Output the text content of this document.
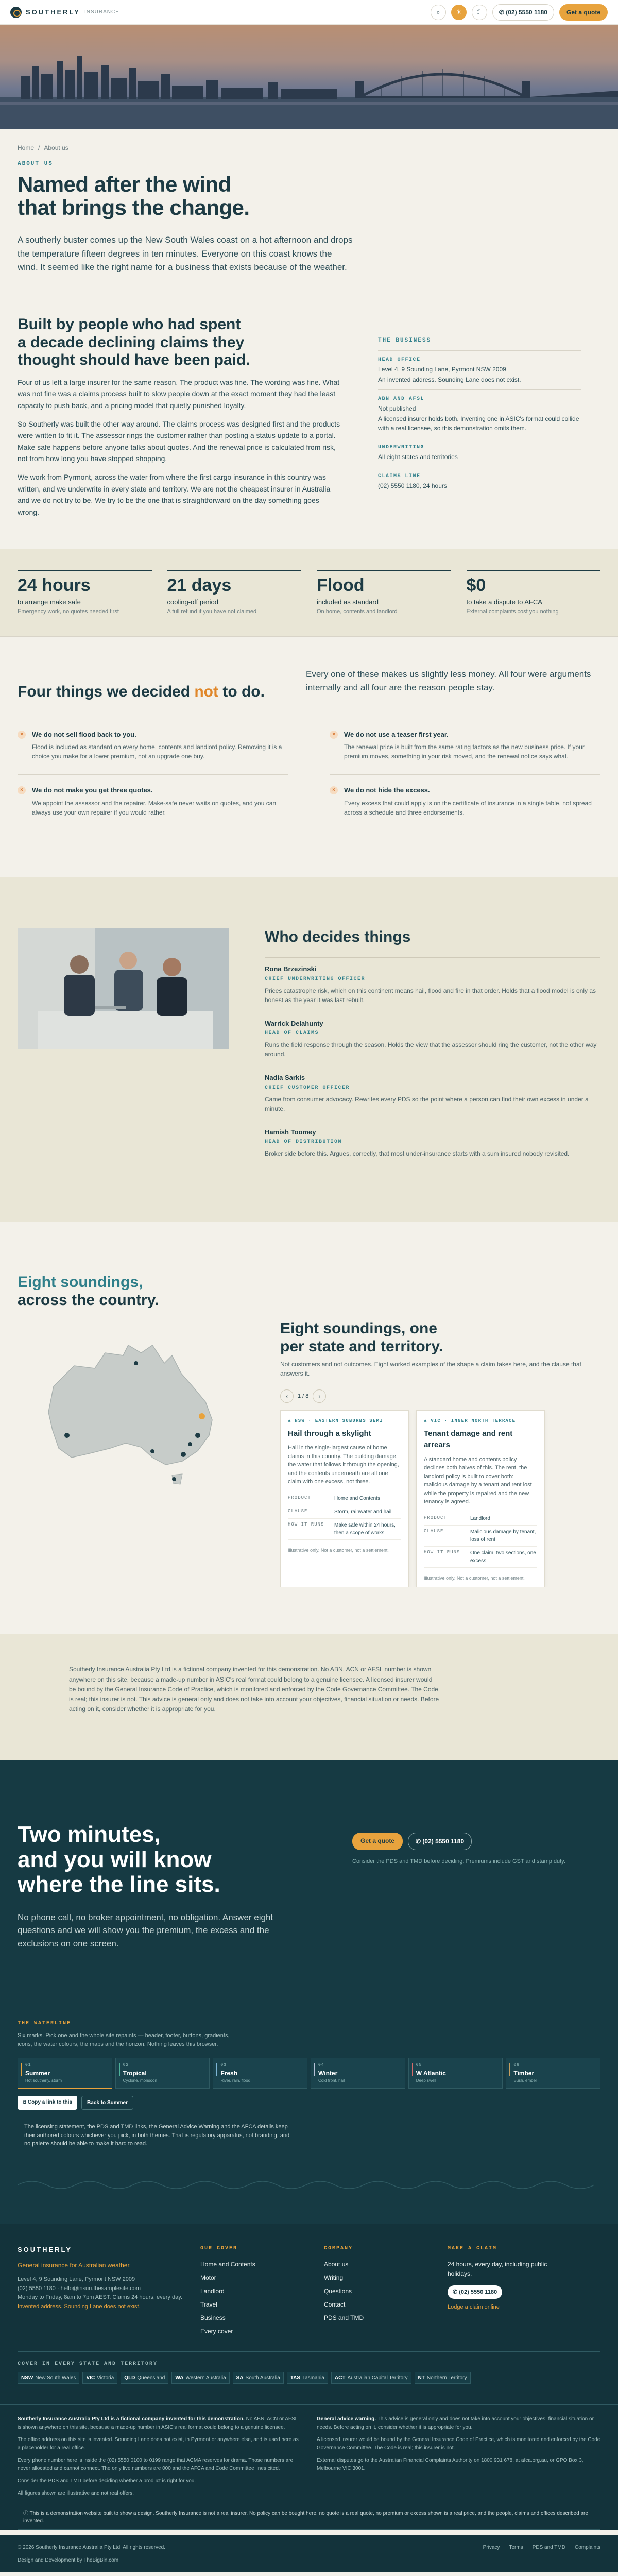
SOUTHERLY INSURANCE	⌕	☀	☾	✆ (02) 5550 1180	Get a quote
Home / About us
ABOUT US
Named after the wind
that brings the change.

A southerly buster comes up the New South Wales coast on a hot afternoon and drops the temperature fifteen degrees in ten minutes. Everyone on this coast knows the wind. It seemed like the right name for a business that exists because of the weather.

Built by people who had spent
a decade declining claims they
thought should have been paid.

Four of us left a large insurer for the same reason. The product was fine. The wording was fine. What was not fine was a claims process built to slow people down at the exact moment they had the least capacity to push back, and a pricing model that quietly punished loyalty.

So Southerly was built the other way around. The claims process was designed first and the products were written to fit it. The assessor rings the customer rather than posting a status update to a portal. Make safe happens before anyone talks about quotes. And the renewal price is calculated from risk, not from how long you have stopped shopping.

We work from Pyrmont, across the water from where the first cargo insurance in this country was written, and we underwrite in every state and territory. We are not the cheapest insurer in Australia and we do not try to be. We try to be the one that is straightforward on the day something goes wrong.

THE BUSINESS
HEAD OFFICE
Level 4, 9 Sounding Lane, Pyrmont NSW 2009
An invented address. Sounding Lane does not exist.
ABN AND AFSL
Not published
A licensed insurer holds both. Inventing one in ASIC's format could collide with a real licensee, so this demonstration omits them.
UNDERWRITING
All eight states and territories
CLAIMS LINE
(02) 5550 1180, 24 hours
24 hours
to arrange make safe
Emergency work, no quotes needed first
21 days
cooling-off period
A full refund if you have not claimed
Flood
included as standard
On home, contents and landlord
$0
to take a dispute to AFCA
External complaints cost you nothing
Four things we decided not to do.

Every one of these makes us slightly less money. All four were arguments internally and all four are the reason people stay.

×	We do not sell flood back to you.
Flood is included as standard on every home, contents and landlord policy. Removing it is a choice you make for a lower premium, not an upgrade one buy.
×	We do not use a teaser first year.
The renewal price is built from the same rating factors as the new business price. If your premium moves, something in your risk moved, and the renewal notice says what.
×	We do not make you get three quotes.
We appoint the assessor and the repairer. Make-safe never waits on quotes, and you can always use your own repairer if you would rather.
×	We do not hide the excess.
Every excess that could apply is on the certificate of insurance in a single table, not spread across a schedule and three endorsements.
Who decides things
Rona Brzezinski
CHIEF UNDERWRITING OFFICER
Prices catastrophe risk, which on this continent means hail, flood and fire in that order. Holds that a flood model is only as honest as the year it was last rebuilt.
Warrick Delahunty
HEAD OF CLAIMS
Runs the field response through the season. Holds the view that the assessor should ring the customer, not the other way around.
Nadia Sarkis
CHIEF CUSTOMER OFFICER
Came from consumer advocacy. Rewrites every PDS so the point where a person can find their own excess in under a minute.
Hamish Toomey
HEAD OF DISTRIBUTION
Broker side before this. Argues, correctly, that most under-insurance starts with a sum insured nobody revisited.
Eight soundings,
across the country.
Eight soundings, one
per state and territory.
Not customers and not outcomes. Eight worked examples of the shape a claim takes here, and the clause that answers it.
‹	1 / 8	›
▲ NSW · EASTERN SUBURBS SEMI
Hail through a skylight
Hail in the single-largest cause of home claims in this country. The building damage, the water that follows it through the opening, and the contents underneath are all one claim with one excess, not three.
PRODUCT	Home and Contents
CLAUSE	Storm, rainwater and hail
HOW IT RUNS	Make safe within 24 hours, then a scope of works
Illustrative only. Not a customer, not a settlement.
▲ VIC · INNER NORTH TERRACE
Tenant damage and rent arrears
A standard home and contents policy declines both halves of this. The rent, the landlord policy is built to cover both: malicious damage by a tenant and rent lost while the property is repaired and the new tenancy is agreed.
PRODUCT	Landlord
CLAUSE	Malicious damage by tenant, loss of rent
HOW IT RUNS	One claim, two sections, one excess
Illustrative only. Not a customer, not a settlement.

Southerly Insurance Australia Pty Ltd is a fictional company invented for this demonstration. No ABN, ACN or AFSL number is shown anywhere on this site, because a made-up number in ASIC's real format could belong to a genuine licensee. A licensed insurer would be bound by the General Insurance Code of Practice, which is monitored and enforced by the Code Governance Committee. The Code is real; this insurer is not. This advice is general only and does not take into account your objectives, financial situation or needs. Before acting on it, consider whether it is appropriate for you.

Two minutes,
and you will know
where the line sits.

No phone call, no broker appointment, no obligation. Answer eight questions and we will show you the premium, the excess and the exclusions on one screen.

Get a quote	✆ (02) 5550 1180

Consider the PDS and TMD before deciding. Premiums include GST and stamp duty.

THE WATERLINE
Six marks. Pick one and the whole site repaints — header, footer, buttons, gradients, icons, the water colours, the maps and the horizon. Nothing leaves this browser.
01
Summer
Hot southerly, storm
02
Tropical
Cyclone, monsoon
03
Fresh
River, rain, flood
04
Winter
Cold front, hail
05
W Atlantic
Deep swell
06
Timber
Bush, ember
⧉ Copy a link to this	Back to Summer
The licensing statement, the PDS and TMD links, the General Advice Warning and the AFCA details keep their authored colours whichever you pick, in both themes. That is regulatory apparatus, not branding, and no palette should be able to make it hard to read.
SOUTHERLY
General insurance for Australian weather.
Level 4, 9 Sounding Lane, Pyrmont NSW 2009
(02) 5550 1180 · hello@insuri.thesamplesite.com
Monday to Friday, 8am to 7pm AEST. Claims 24 hours, every day.
Invented address. Sounding Lane does not exist.
OUR COVER
Home and Contents
Motor
Landlord
Travel
Business
Every cover
COMPANY
About us
Writing
Questions
Contact
PDS and TMD
MAKE A CLAIM
24 hours, every day, including public holidays.
✆ (02) 5550 1180
Lodge a claim online
COVER IN EVERY STATE AND TERRITORY
NSW New South Wales	VIC Victoria	QLD Queensland	WA Western Australia	SA South Australia	TAS Tasmania	ACT Australian Capital Territory	NT Northern Territory

Southerly Insurance Australia Pty Ltd is a fictional company invented for this demonstration. No ABN, ACN or AFSL is shown anywhere on this site, because a made-up number in ASIC's real format could belong to a genuine licensee.

The office address on this site is invented. Sounding Lane does not exist, in Pyrmont or anywhere else, and is used here as a placeholder for a real office.

Every phone number here is inside the (02) 5550 0100 to 0199 range that ACMA reserves for drama. Those numbers are never allocated and cannot connect. The only live numbers are 000 and the AFCA and Code Committee lines cited.

Consider the PDS and TMD before deciding whether a product is right for you.

All figures shown are illustrative and not real offers.

General advice warning. This advice is general only and does not take into account your objectives, financial situation or needs. Before acting on it, consider whether it is appropriate for you.

A licensed insurer would be bound by the General Insurance Code of Practice, which is monitored and enforced by the Code Governance Committee. The Code is real; this insurer is not.

External disputes go to the Australian Financial Complaints Authority on 1800 931 678, at afca.org.au, or GPO Box 3, Melbourne VIC 3001.

ⓘ This is a demonstration website built to show a design. Southerly Insurance is not a real insurer. No policy can be bought here, no quote is a real quote, no premium or excess shown is a real price, and the people, claims and offices described are invented.
© 2026 Southerly Insurance Australia Pty Ltd. All rights reserved.	Privacy Terms PDS and TMD Complaints
Design and Development by TheBigBin.com
